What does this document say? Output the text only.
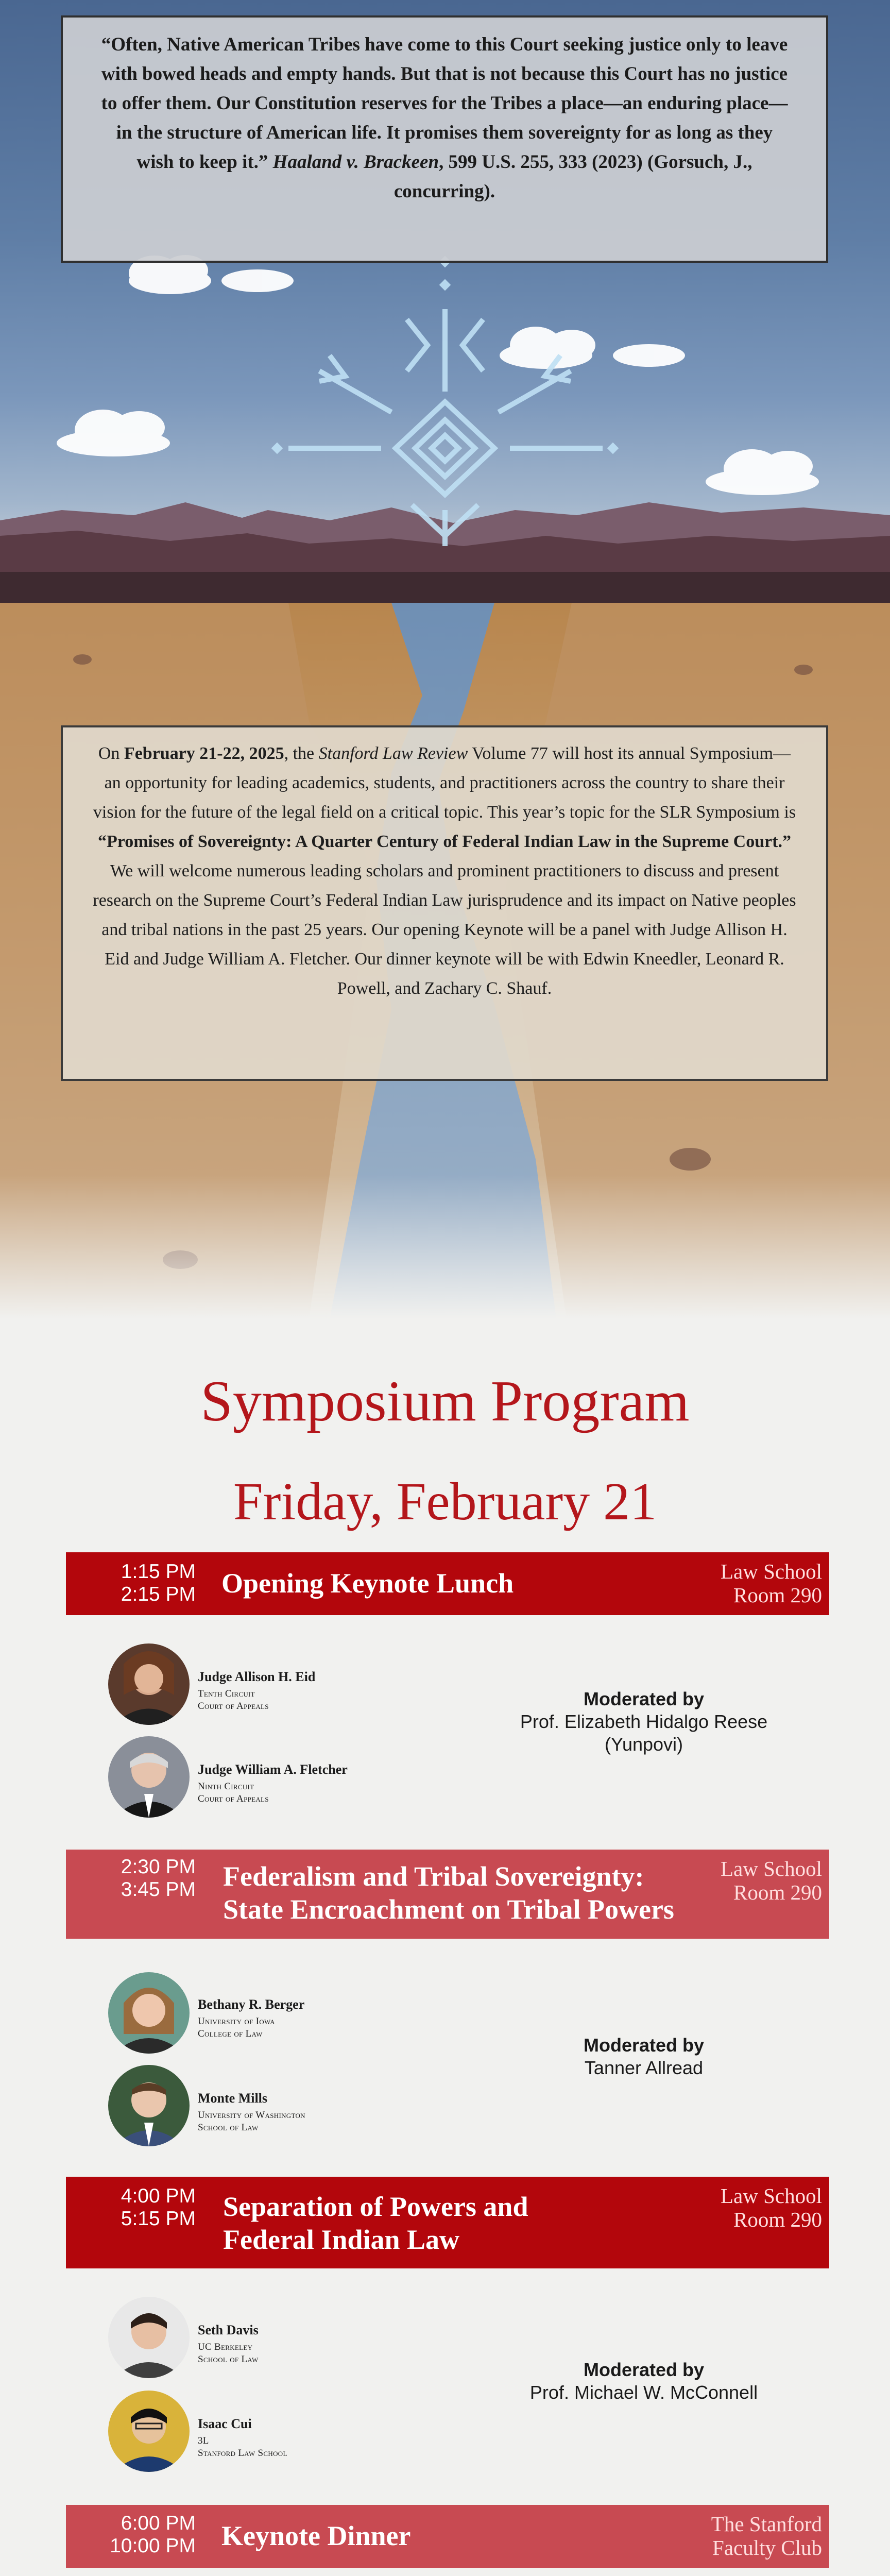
“Often, Native American Tribes have come to this Court seeking justice only to leave with bowed heads and empty hands. But that is not because this Court has no justice to offer them. Our Constitution reserves for the Tribes a place—an enduring place—in the structure of American life. It promises them sovereignty for as long as they wish to keep it.” Haaland v. Brackeen, 599 U.S. 255, 333 (2023) (Gorsuch, J., concurring).
On February 21-22, 2025, the Stanford Law Review Volume 77 will host its annual Symposium—an opportunity for leading academics, students, and practitioners across the country to share their vision for the future of the legal field on a critical topic. This year’s topic for the SLR Symposium is “Promises of Sovereignty: A Quarter Century of Federal Indian Law in the Supreme Court.” We will welcome numerous leading scholars and prominent practitioners to discuss and present research on the Supreme Court’s Federal Indian Law jurisprudence and its impact on Native peoples and tribal nations in the past 25 years. Our opening Keynote will be a panel with Judge Allison H. Eid and Judge William A. Fletcher. Our dinner keynote will be with Edwin Kneedler, Leonard R. Powell, and Zachary C. Shauf.
Symposium Program
Friday, February 21
1:15 PM
2:15 PM Opening Keynote Lunch	Law School
Room 290
Judge Allison H. Eid
Tenth Circuit
Court of Appeals
Judge William A. Fletcher
Ninth Circuit
Court of Appeals
Moderated by
Prof. Elizabeth Hidalgo Reese
(Yunpovi)
2:30 PM
3:45 PM Federalism and Tribal Sovereignty:
State Encroachment on Tribal Powers
Law School
Room 290
Bethany R. Berger
University of Iowa
College of Law
Monte Mills
University of Washington
School of Law
Moderated by
Tanner Allread
4:00 PM
5:15 PM Separation of Powers and
Federal Indian Law
Law School
Room 290
Seth Davis
UC Berkeley
School of Law
Isaac Cui
3L
Stanford Law School
Moderated by
Prof. Michael W. McConnell
6:00 PM
10:00 PM Keynote Dinner	The Stanford
Faculty Club
